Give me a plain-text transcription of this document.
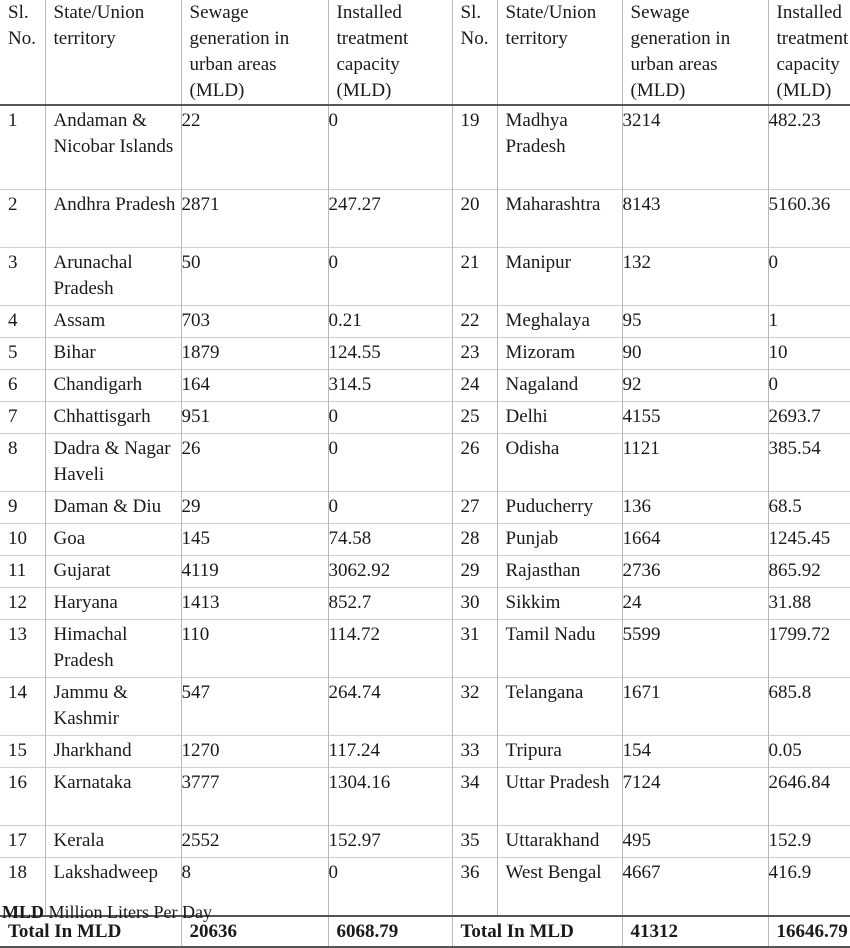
Sl. No.	State/Union territory	Sewage generation in urban areas (MLD)	Installed treatment capacity (MLD)	Sl. No.	State/Union territory	Sewage generation in urban areas (MLD)	Installed treatment capacity (MLD)
1	Andaman & Nicobar Islands	22	0	19	Madhya Pradesh	3214	482.23
2	Andhra Pradesh	2871	247.27	20	Maharashtra	8143	5160.36
3	Arunachal Pradesh	50	0	21	Manipur	132	0
4	Assam	703	0.21	22	Meghalaya	95	1
5	Bihar	1879	124.55	23	Mizoram	90	10
6	Chandigarh	164	314.5	24	Nagaland	92	0
7	Chhattisgarh	951	0	25	Delhi	4155	2693.7
8	Dadra & Nagar Haveli	26	0	26	Odisha	1121	385.54
9	Daman & Diu	29	0	27	Puducherry	136	68.5
10	Goa	145	74.58	28	Punjab	1664	1245.45
11	Gujarat	4119	3062.92	29	Rajasthan	2736	865.92
12	Haryana	1413	852.7	30	Sikkim	24	31.88
13	Himachal Pradesh	110	114.72	31	Tamil Nadu	5599	1799.72
14	Jammu & Kashmir	547	264.74	32	Telangana	1671	685.8
15	Jharkhand	1270	117.24	33	Tripura	154	0.05
16	Karnataka	3777	1304.16	34	Uttar Pradesh	7124	2646.84
17	Kerala	2552	152.97	35	Uttarakhand	495	152.9
18	Lakshadweep	8	0	36	West Bengal	4667	416.9
Total In MLD		20636	6068.79	Total In MLD		41312	16646.79
MLD Million Liters Per Day
